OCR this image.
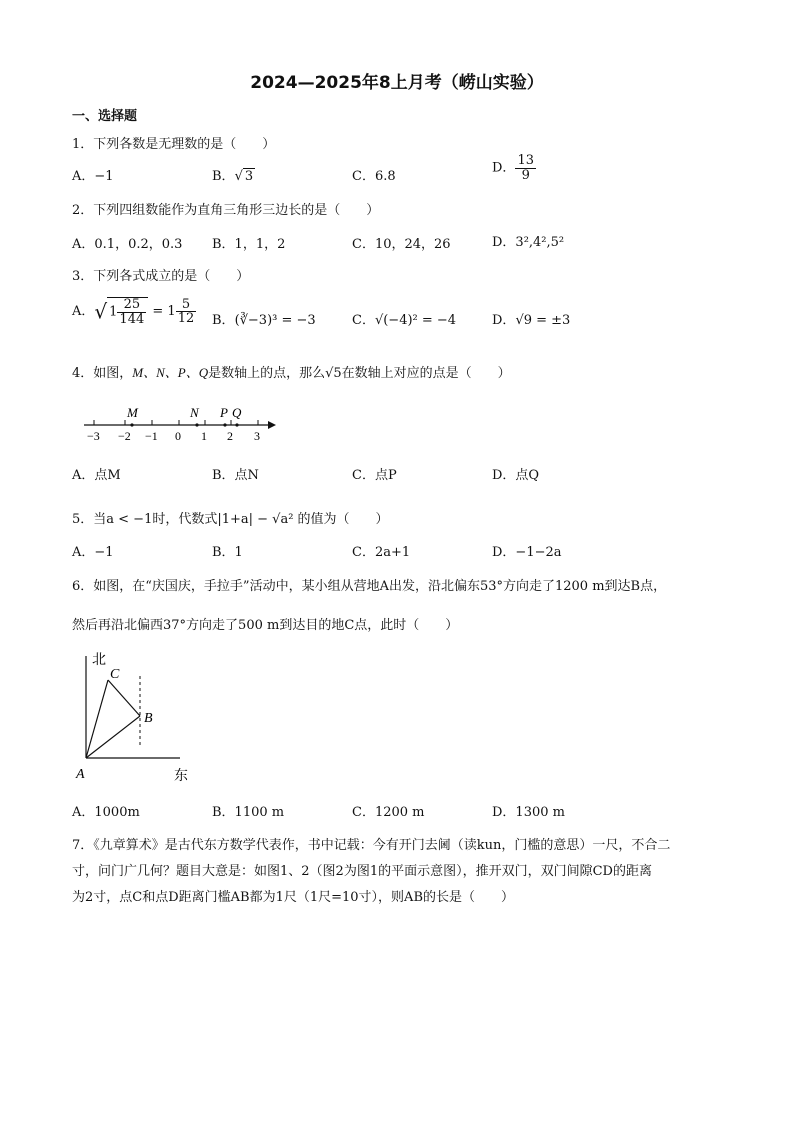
2024—2025年8上月考（崂山实验）
一、选择题
1．下列各数是无理数的是（　　）
A．−1	B．√ 3	C．6.8
D． $\frac{13}{9}$
2．下列四组数能作为直角三角形三边长的是（　　）
A．0.1，0.2，0.3 B．1，1，2	C．10，24，26	D．3²,4²,5²
3．下列各式成立的是（　　）
A．√ $1 \frac{25}{144} = 1 \frac{5}{12}$ B．(∛−3)³ = −3	C．√(−4)² = −4	D．√9 = ±3
4．如图，M、N、P、Q是数轴上的点，那么√5在数轴上对应的点是（　　）
−3 −2 −1 0 1 2 3
M	N P Q
A．点M	B．点N	C．点P	D．点Q
5．当a < −1时，代数式|1+a| − √a² 的值为（　　）
A．−1	B．1	C．2a+1	D．−1−2a
6．如图，在“庆国庆，手拉手”活动中，某小组从营地A出发，沿北偏东53°方向走了1200 m到达B点，
然后再沿北偏西37°方向走了500 m到达目的地C点，此时（　　）
北
东
A
B
C
A．1000m	B．1100 m	C．1200 m	D．1300 m
7．《九章算术》是古代东方数学代表作，书中记载：今有开门去阃（读kun，门槛的意思）一尺，不合二
寸，问门广几何？题目大意是：如图1、2（图2为图1的平面示意图），推开双门，双门间隙CD的距离
为2寸，点C和点D距离门槛AB都为1尺（1尺=10寸），则AB的长是（　　）
